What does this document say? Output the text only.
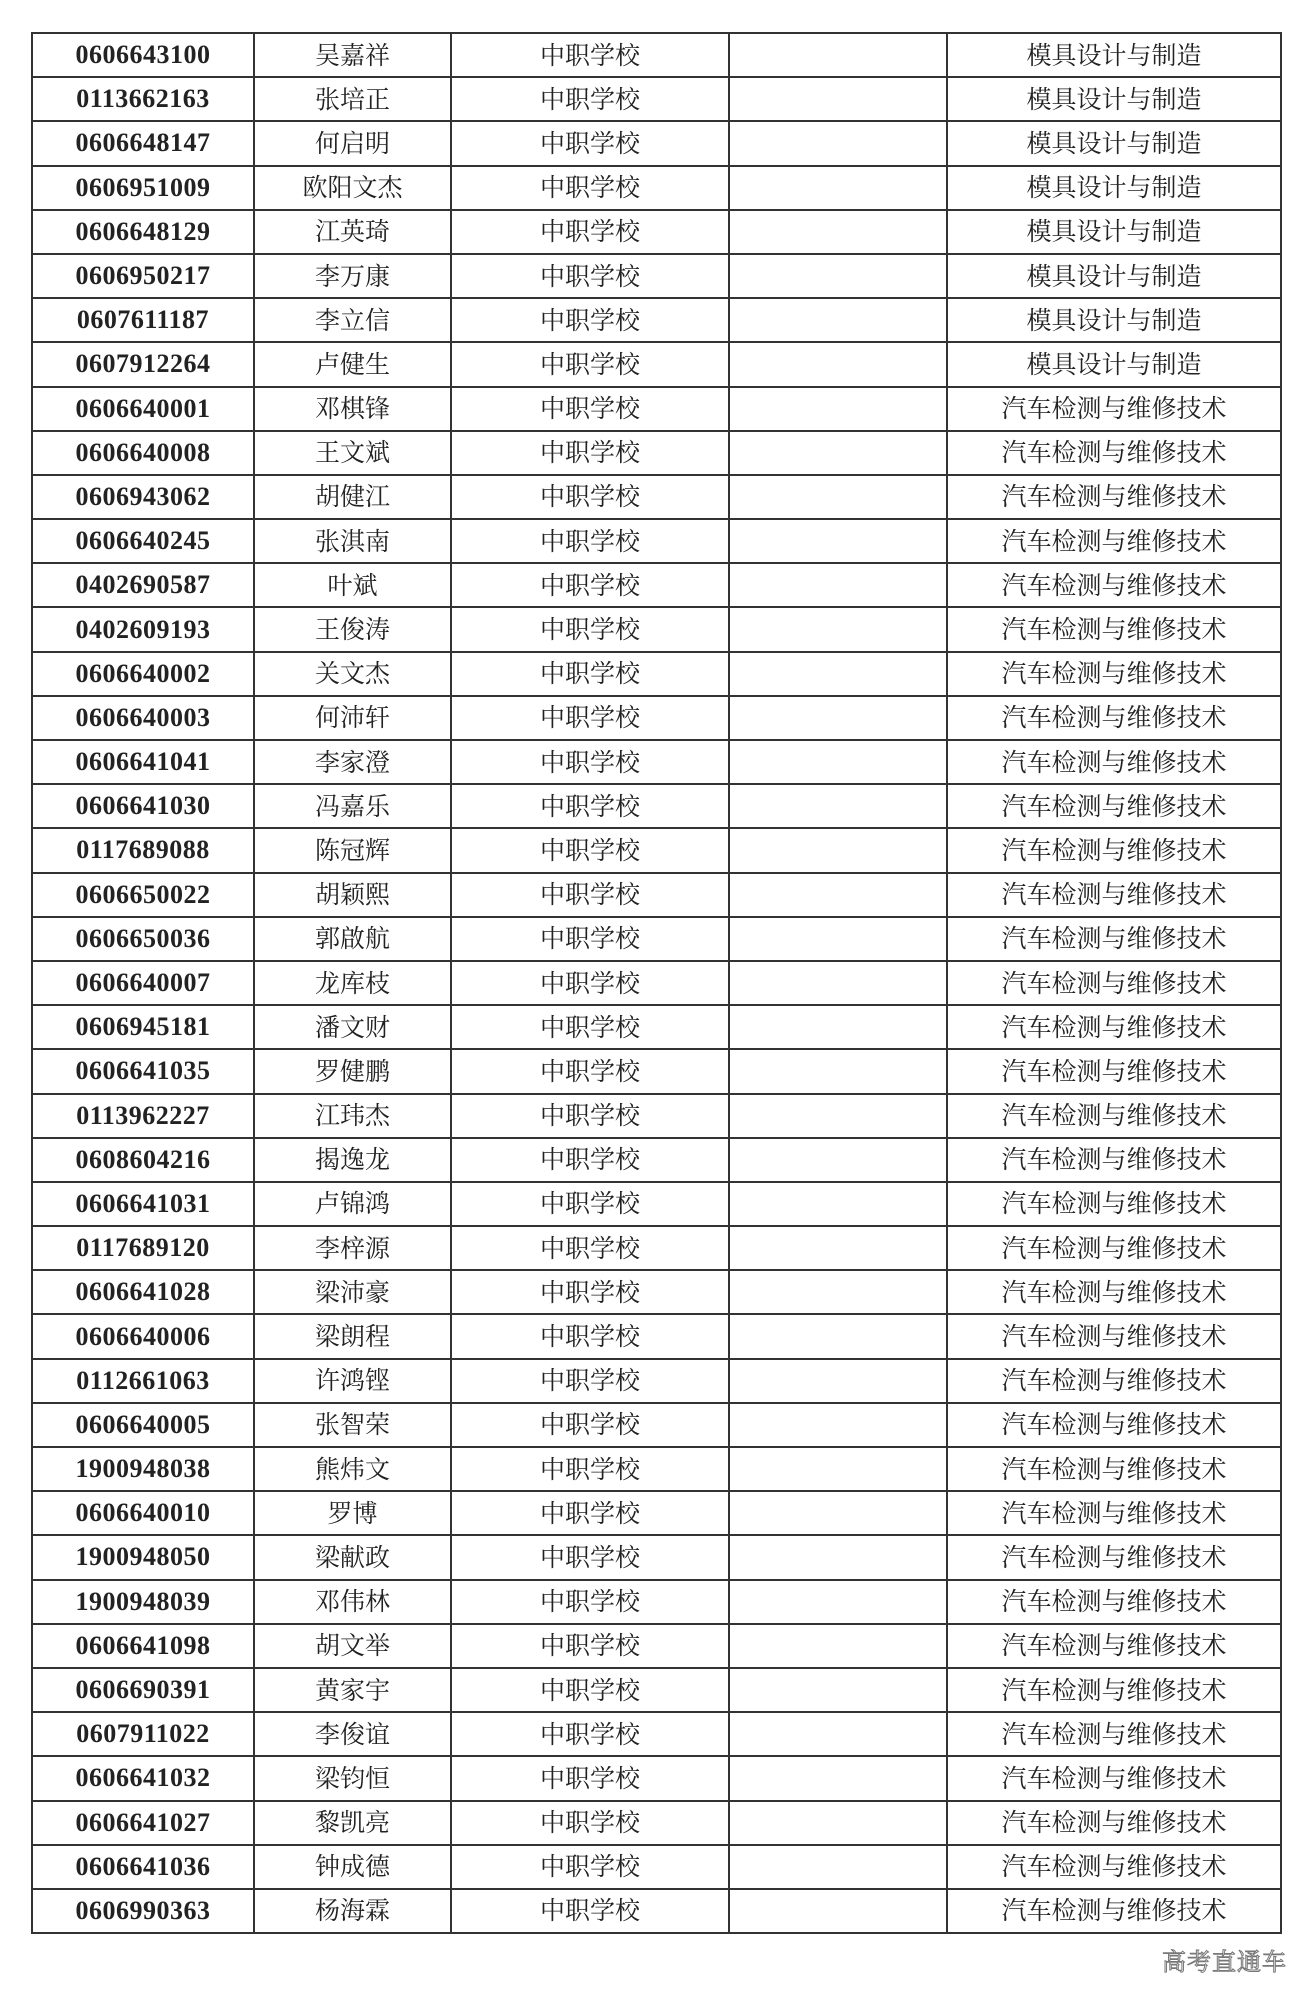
0606643100	吴嘉祥	中职学校		模具设计与制造
0113662163	张培正	中职学校		模具设计与制造
0606648147	何启明	中职学校		模具设计与制造
0606951009	欧阳文杰	中职学校		模具设计与制造
0606648129	江英琦	中职学校		模具设计与制造
0606950217	李万康	中职学校		模具设计与制造
0607611187	李立信	中职学校		模具设计与制造
0607912264	卢健生	中职学校		模具设计与制造
0606640001	邓棋锋	中职学校		汽车检测与维修技术
0606640008	王文斌	中职学校		汽车检测与维修技术
0606943062	胡健江	中职学校		汽车检测与维修技术
0606640245	张淇南	中职学校		汽车检测与维修技术
0402690587	叶斌	中职学校		汽车检测与维修技术
0402609193	王俊涛	中职学校		汽车检测与维修技术
0606640002	关文杰	中职学校		汽车检测与维修技术
0606640003	何沛轩	中职学校		汽车检测与维修技术
0606641041	李家澄	中职学校		汽车检测与维修技术
0606641030	冯嘉乐	中职学校		汽车检测与维修技术
0117689088	陈冠辉	中职学校		汽车检测与维修技术
0606650022	胡颖熙	中职学校		汽车检测与维修技术
0606650036	郭啟航	中职学校		汽车检测与维修技术
0606640007	龙库枝	中职学校		汽车检测与维修技术
0606945181	潘文财	中职学校		汽车检测与维修技术
0606641035	罗健鹏	中职学校		汽车检测与维修技术
0113962227	江玮杰	中职学校		汽车检测与维修技术
0608604216	揭逸龙	中职学校		汽车检测与维修技术
0606641031	卢锦鸿	中职学校		汽车检测与维修技术
0117689120	李梓源	中职学校		汽车检测与维修技术
0606641028	梁沛豪	中职学校		汽车检测与维修技术
0606640006	梁朗程	中职学校		汽车检测与维修技术
0112661063	许鸿铿	中职学校		汽车检测与维修技术
0606640005	张智荣	中职学校		汽车检测与维修技术
1900948038	熊炜文	中职学校		汽车检测与维修技术
0606640010	罗博	中职学校		汽车检测与维修技术
1900948050	梁献政	中职学校		汽车检测与维修技术
1900948039	邓伟林	中职学校		汽车检测与维修技术
0606641098	胡文举	中职学校		汽车检测与维修技术
0606690391	黄家宇	中职学校		汽车检测与维修技术
0607911022	李俊谊	中职学校		汽车检测与维修技术
0606641032	梁钧恒	中职学校		汽车检测与维修技术
0606641027	黎凯亮	中职学校		汽车检测与维修技术
0606641036	钟成德	中职学校		汽车检测与维修技术
0606990363	杨海霖	中职学校		汽车检测与维修技术
高考直通车
